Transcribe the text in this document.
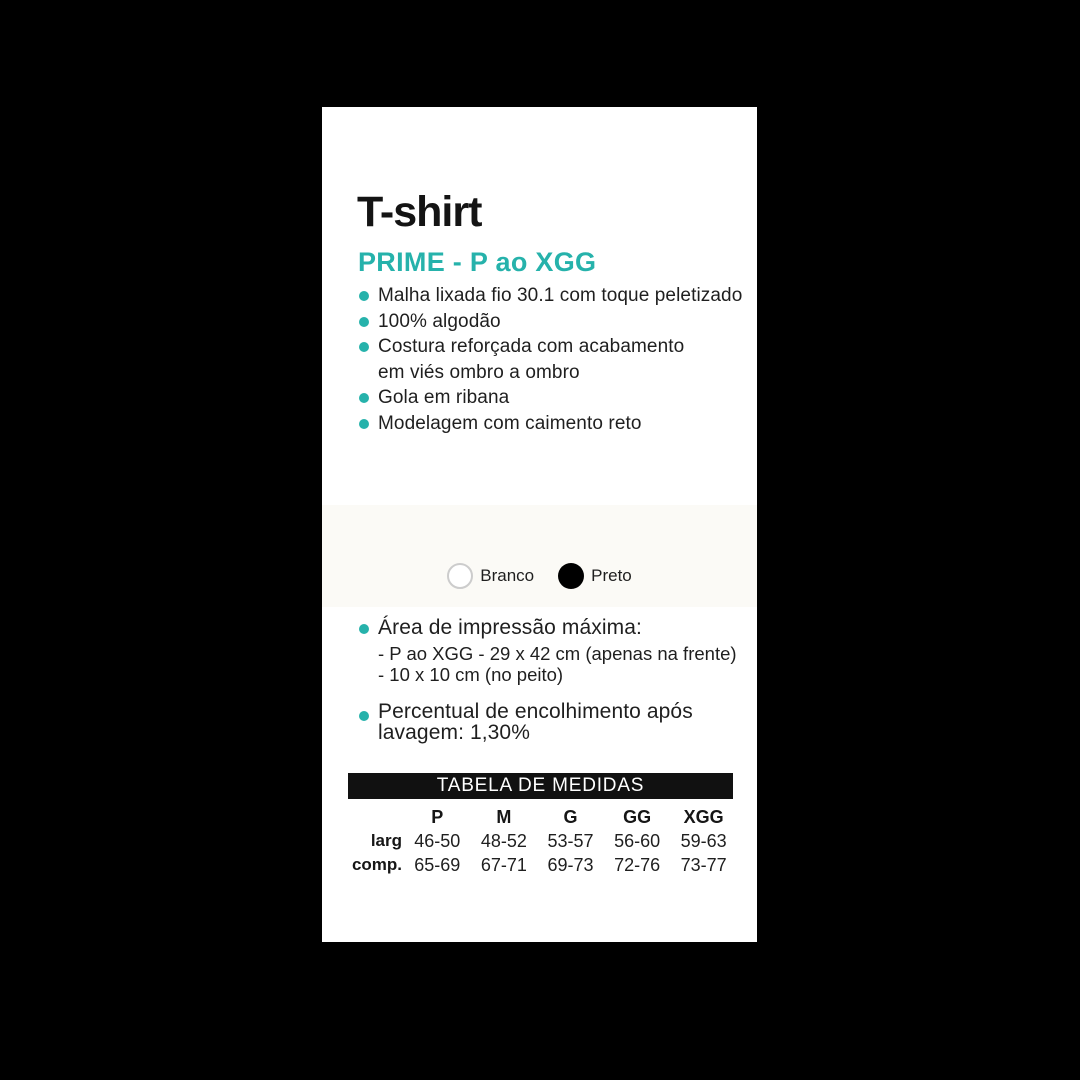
T-shirt
PRIME - P ao XGG
Malha lixada fio 30.1 com toque peletizado
100% algodão
Costura reforçada com acabamento
em viés ombro a ombro
Gola em ribana
Modelagem com caimento reto
Branco	Preto
Área de impressão máxima:
- P ao XGG - 29 x 42 cm (apenas na frente)
- 10 x 10 cm (no peito)
Percentual de encolhimento após
lavagem: 1,30%
TABELA DE MEDIDAS
P	M	G	GG	XGG
larg 46-50	48-52	53-57	56-60	59-63
comp. 65-69	67-71	69-73	72-76	73-77
